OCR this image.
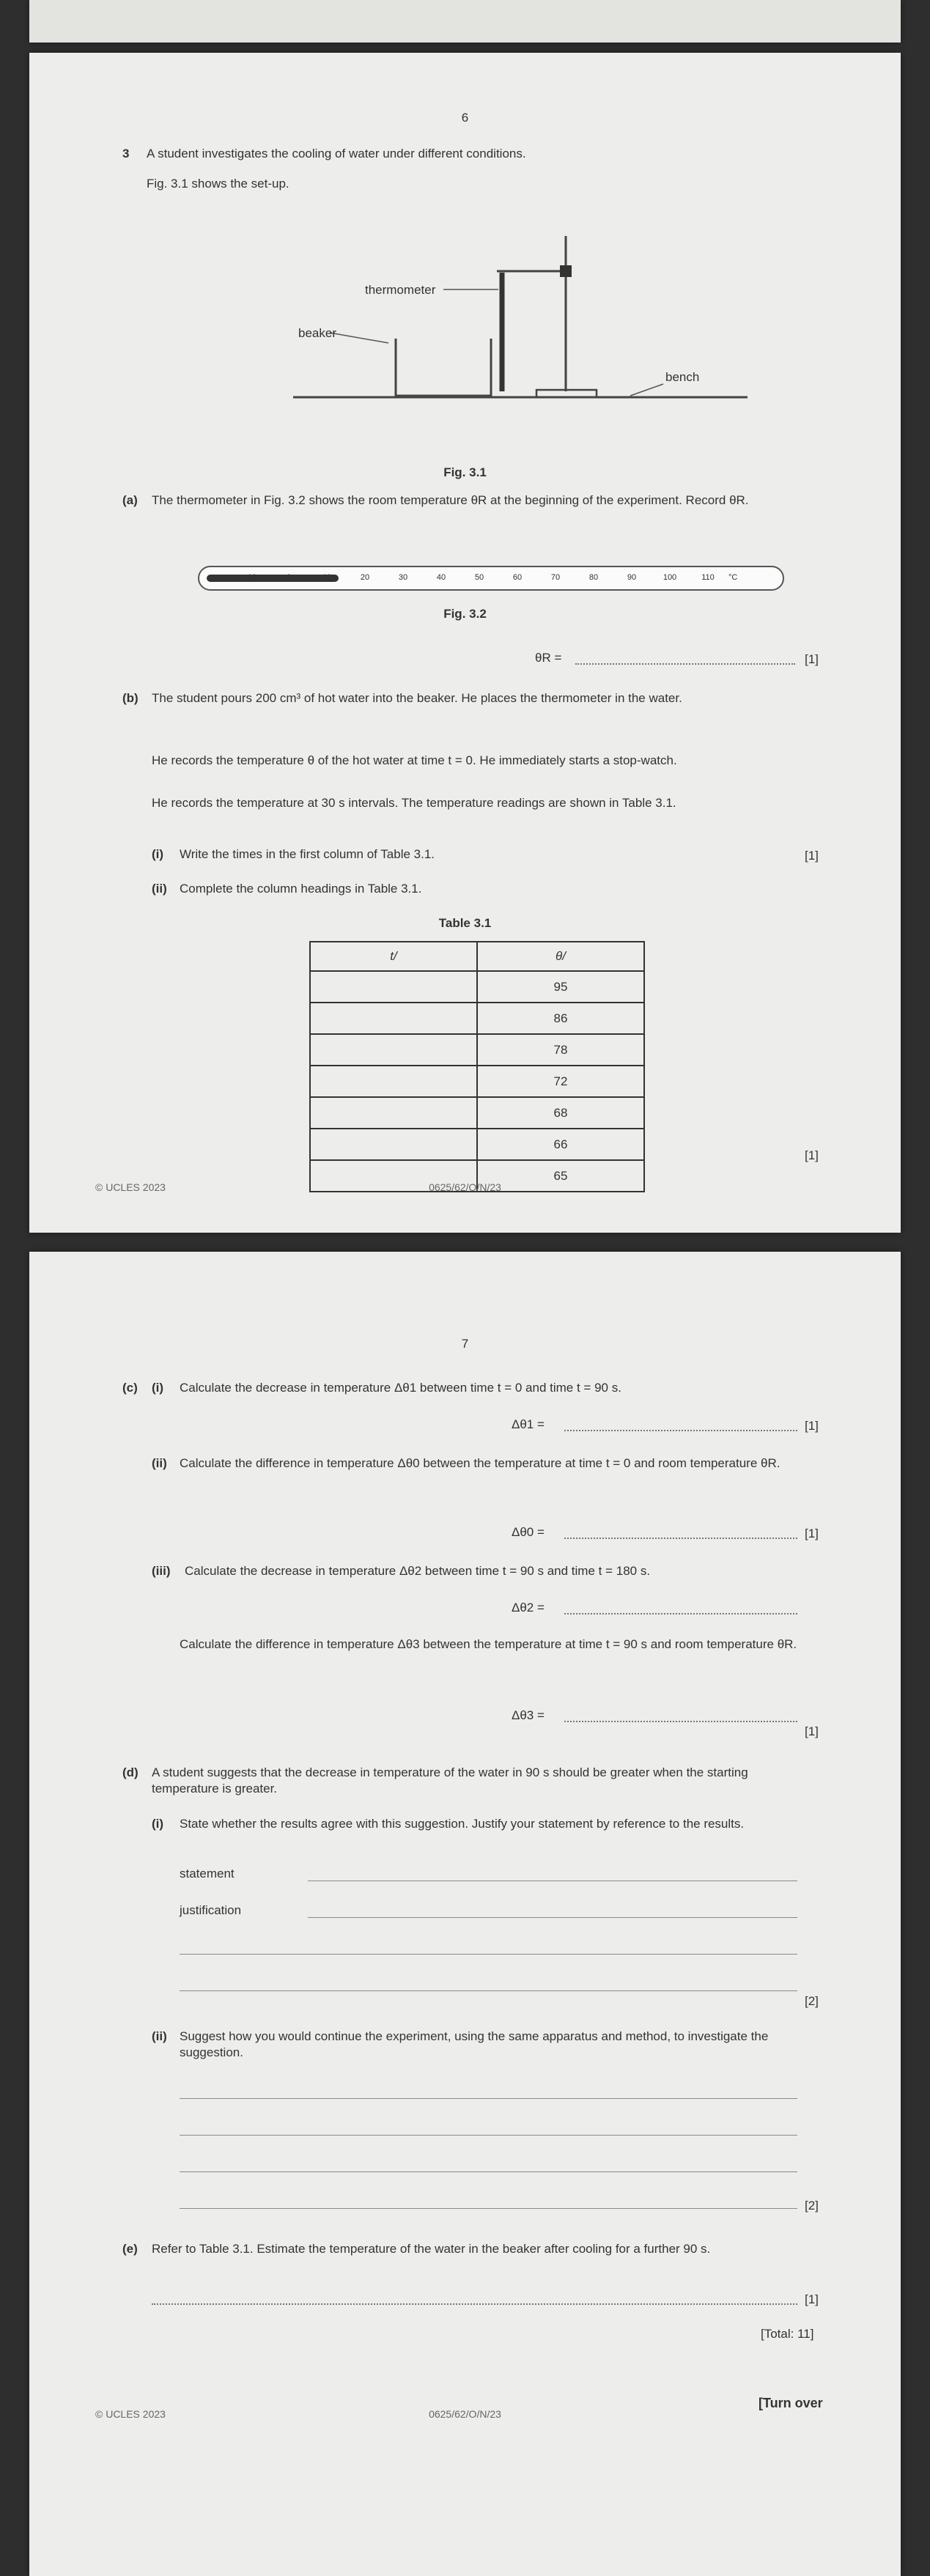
6
3 A student investigates the cooling of water under different conditions.
Fig. 3.1 shows the set-up.
thermometer
beaker
bench
Fig. 3.1
(a) The thermometer in Fig. 3.2 shows the room temperature θR at the beginning of the experiment. Record θR.
-10	0	10	20	30	40	50	60	70	80	90	100	110 °C
Fig. 3.2
θR =	[1]
(b) The student pours 200 cm³ of hot water into the beaker. He places the thermometer in the water.
He records the temperature θ of the hot water at time t = 0. He immediately starts a stop-watch.
He records the temperature at 30 s intervals. The temperature readings are shown in Table 3.1.
(i) Write the times in the first column of Table 3.1.	[1]
(ii) Complete the column headings in Table 3.1.
Table 3.1
t/	θ/
	95
	86
	78
	72
	68
	66
	65
[1]
© UCLES 2023	0625/62/O/N/23
7
(c) (i) Calculate the decrease in temperature Δθ1 between time t = 0 and time t = 90 s.
Δθ1 =	[1]
(ii) Calculate the difference in temperature Δθ0 between the temperature at time t = 0 and room temperature θR.
Δθ0 =	[1]
(iii) Calculate the decrease in temperature Δθ2 between time t = 90 s and time t = 180 s.
Δθ2 =
Calculate the difference in temperature Δθ3 between the temperature at time t = 90 s and room temperature θR.
Δθ3 =
[1]
(d) A student suggests that the decrease in temperature of the water in 90 s should be greater when the starting temperature is greater.
(i) State whether the results agree with this suggestion. Justify your statement by reference to the results.
statement
justification
[2]
(ii) Suggest how you would continue the experiment, using the same apparatus and method, to investigate the suggestion.
[2]
(e) Refer to Table 3.1. Estimate the temperature of the water in the beaker after cooling for a further 90 s.
[1]
[Total: 11]
© UCLES 2023	0625/62/O/N/23
[Turn over
